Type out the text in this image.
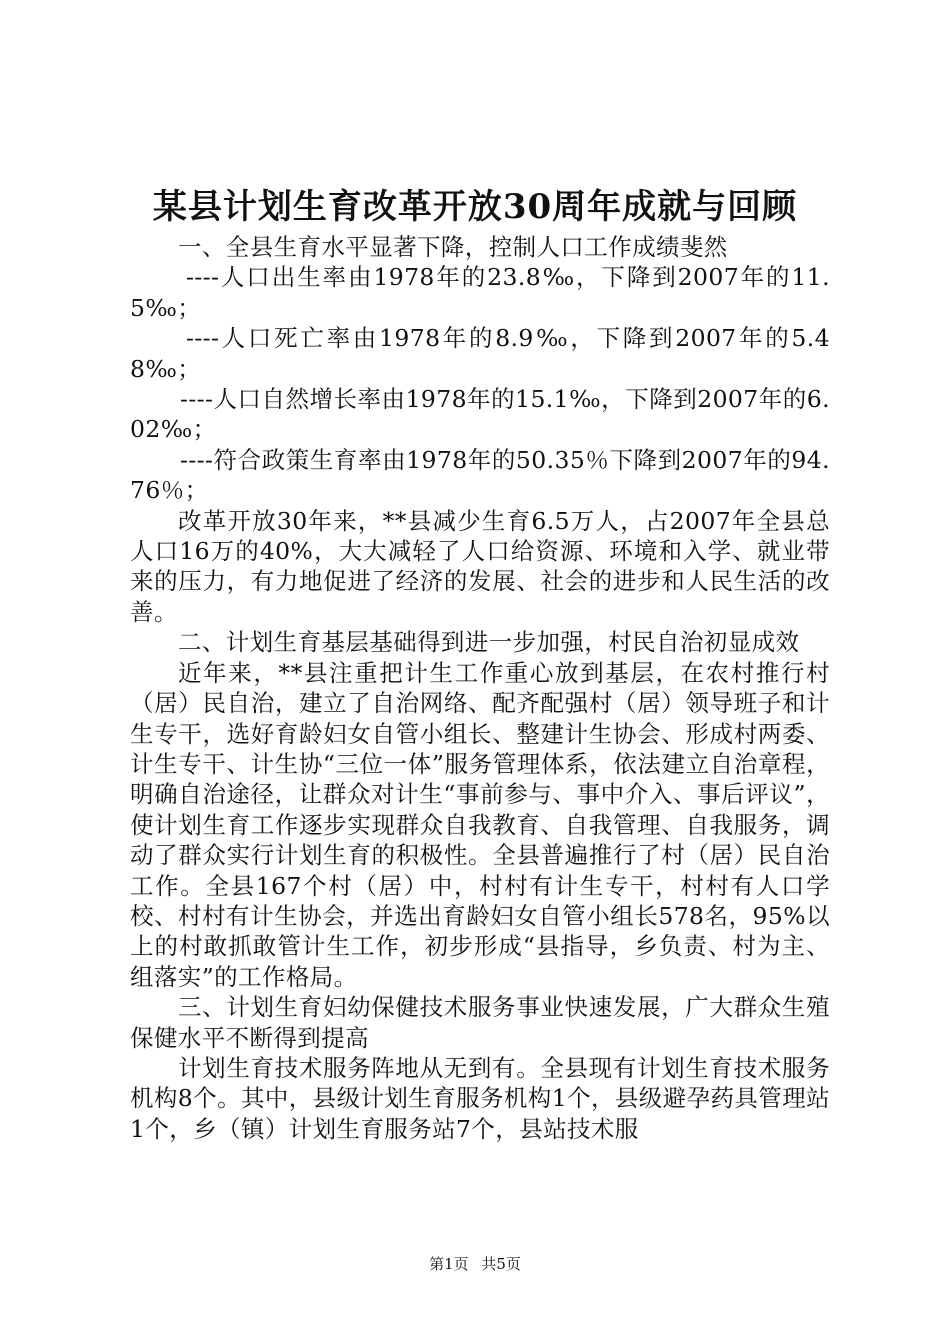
某县计划生育改革开放30周年成就与回顾

一、全县生育水平显著下降，控制人口工作成绩斐然

----人口出生率由1978年的23.8‰，下降到2007年的11.5‰；

----人口死亡率由1978年的8.9‰，下降到2007年的5.48‰；

----人口自然增长率由1978年的15.1‰，下降到2007年的6.02‰；

----符合政策生育率由1978年的50.35％下降到2007年的94.76％；

改革开放30年来，**县减少生育6.5万人，占2007年全县总人口16万的40%，大大减轻了人口给资源、环境和入学、就业带来的压力，有力地促进了经济的发展、社会的进步和人民生活的改善。

二、计划生育基层基础得到进一步加强，村民自治初显成效

近年来，**县注重把计生工作重心放到基层，在农村推行村（居）民自治，建立了自治网络、配齐配强村（居）领导班子和计生专干，选好育龄妇女自管小组长、整建计生协会、形成村两委、计生专干、计生协“三位一体”服务管理体系，依法建立自治章程，明确自治途径，让群众对计生“事前参与、事中介入、事后评议”，使计划生育工作逐步实现群众自我教育、自我管理、自我服务，调动了群众实行计划生育的积极性。全县普遍推行了村（居）民自治工作。全县167个村（居）中，村村有计生专干，村村有人口学校、村村有计生协会，并选出育龄妇女自管小组长578名，95%以上的村敢抓敢管计生工作，初步形成“县指导，乡负责、村为主、组落实”的工作格局。

三、计划生育妇幼保健技术服务事业快速发展，广大群众生殖保健水平不断得到提高

计划生育技术服务阵地从无到有。全县现有计划生育技术服务机构8个。其中，县级计划生育服务机构1个，县级避孕药具管理站1个，乡（镇）计划生育服务站7个，县站技术服

第1页 共5页
